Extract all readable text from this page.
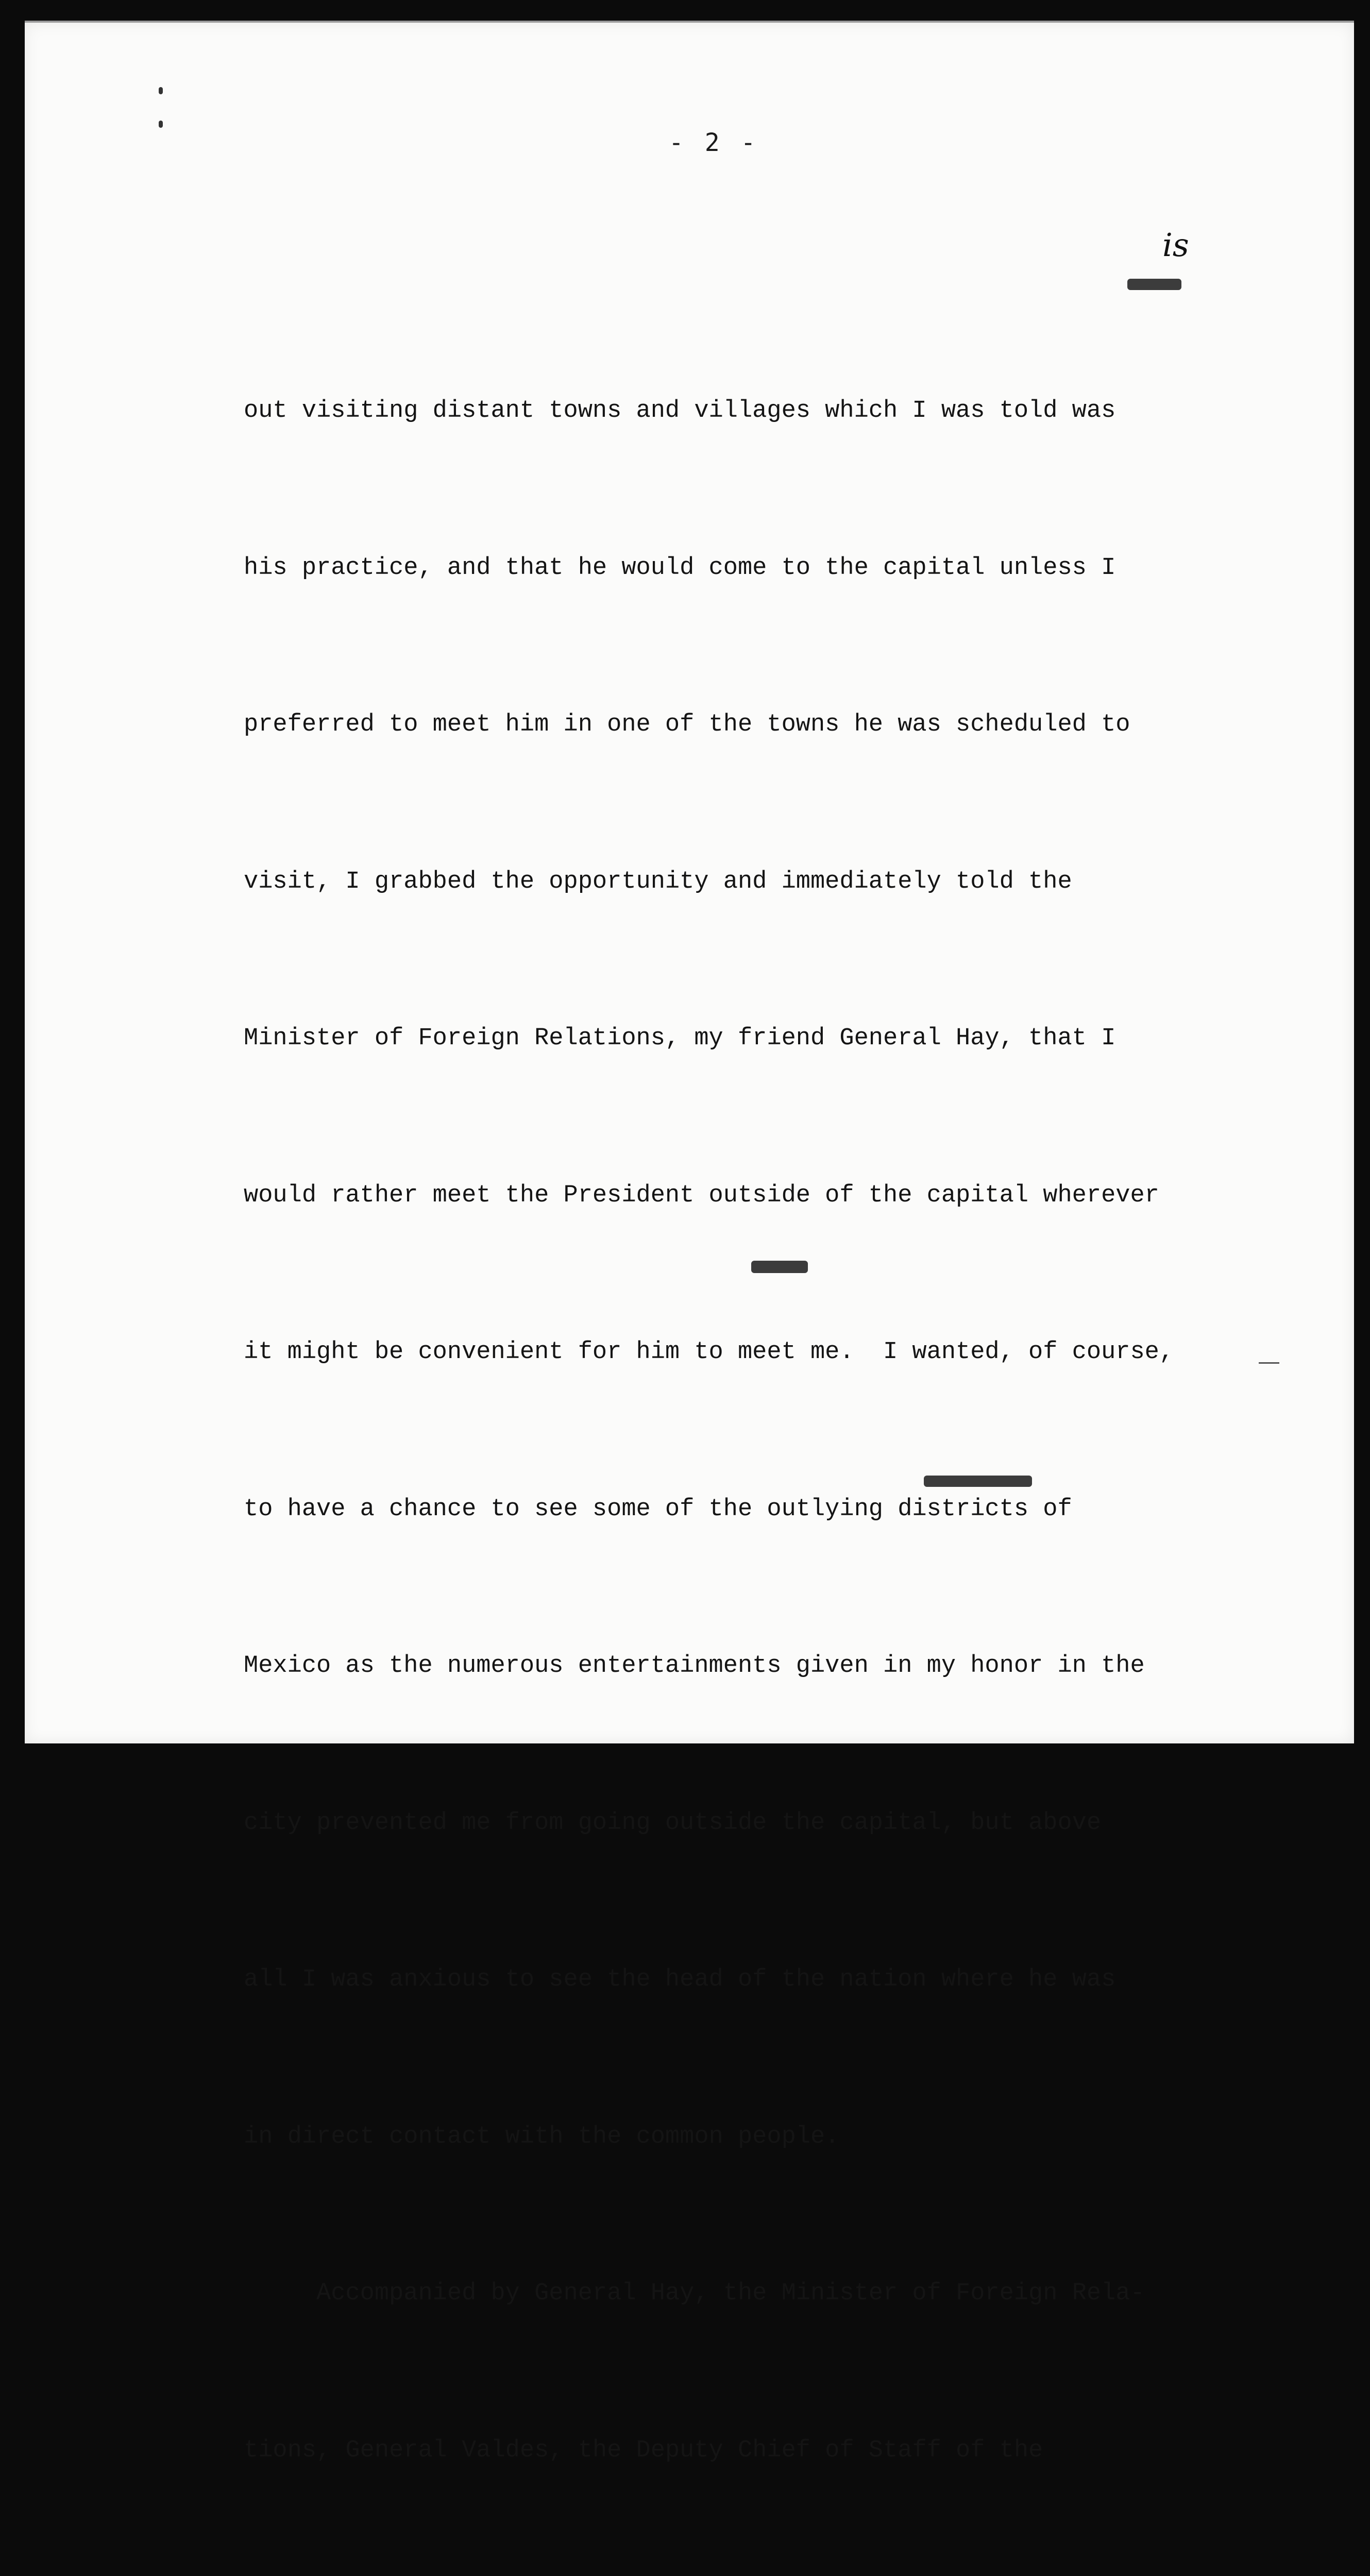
- 2 -
is

out visiting distant towns and villages which I was told was

his practice, and that he would come to the capital unless I

preferred to meet him in one of the towns he was scheduled to

visit, I grabbed the opportunity and immediately told the

Minister of Foreign Relations, my friend General Hay, that I

would rather meet the President outside of the capital wherever

it might be convenient for him to meet me.  I wanted, of course,

to have a chance to see some of the outlying districts of

Mexico as the numerous entertainments given in my honor in the

city prevented me from going outside the capital, but above

all I was anxious to see the head of the nation where he was

in direct contact with the common people.

Accompanied by General Hay, the Minister of Foreign Rela-

tions, General Valdes, the Deputy Chief of Staff of the
